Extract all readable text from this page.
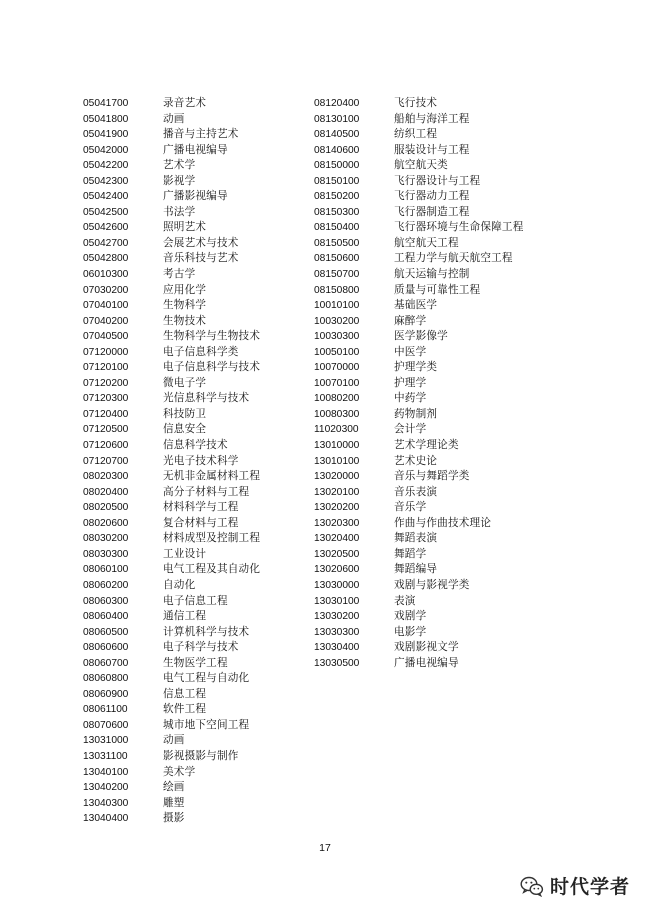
05041700	录音艺术
05041800	动画
05041900	播音与主持艺术
05042000	广播电视编导
05042200	艺术学
05042300	影视学
05042400	广播影视编导
05042500	书法学
05042600	照明艺术
05042700	会展艺术与技术
05042800	音乐科技与艺术
06010300	考古学
07030200	应用化学
07040100	生物科学
07040200	生物技术
07040500	生物科学与生物技术
07120000	电子信息科学类
07120100	电子信息科学与技术
07120200	微电子学
07120300	光信息科学与技术
07120400	科技防卫
07120500	信息安全
07120600	信息科学技术
07120700	光电子技术科学
08020300	无机非金属材料工程
08020400	高分子材料与工程
08020500	材料科学与工程
08020600	复合材料与工程
08030200	材料成型及控制工程
08030300	工业设计
08060100	电气工程及其自动化
08060200	自动化
08060300	电子信息工程
08060400	通信工程
08060500	计算机科学与技术
08060600	电子科学与技术
08060700	生物医学工程
08060800	电气工程与自动化
08060900	信息工程
08061100	软件工程
08070600	城市地下空间工程
13031000	动画
13031100	影视摄影与制作
13040100	美术学
13040200	绘画
13040300	雕塑
13040400	摄影
08120400	飞行技术
08130100	船舶与海洋工程
08140500	纺织工程
08140600	服装设计与工程
08150000	航空航天类
08150100	飞行器设计与工程
08150200	飞行器动力工程
08150300	飞行器制造工程
08150400	飞行器环境与生命保障工程
08150500	航空航天工程
08150600	工程力学与航天航空工程
08150700	航天运输与控制
08150800	质量与可靠性工程
10010100	基础医学
10030200	麻醉学
10030300	医学影像学
10050100	中医学
10070000	护理学类
10070100	护理学
10080200	中药学
10080300	药物制剂
11020300	会计学
13010000	艺术学理论类
13010100	艺术史论
13020000	音乐与舞蹈学类
13020100	音乐表演
13020200	音乐学
13020300	作曲与作曲技术理论
13020400	舞蹈表演
13020500	舞蹈学
13020600	舞蹈编导
13030000	戏剧与影视学类
13030100	表演
13030200	戏剧学
13030300	电影学
13030400	戏剧影视文学
13030500	广播电视编导
17
时代学者
